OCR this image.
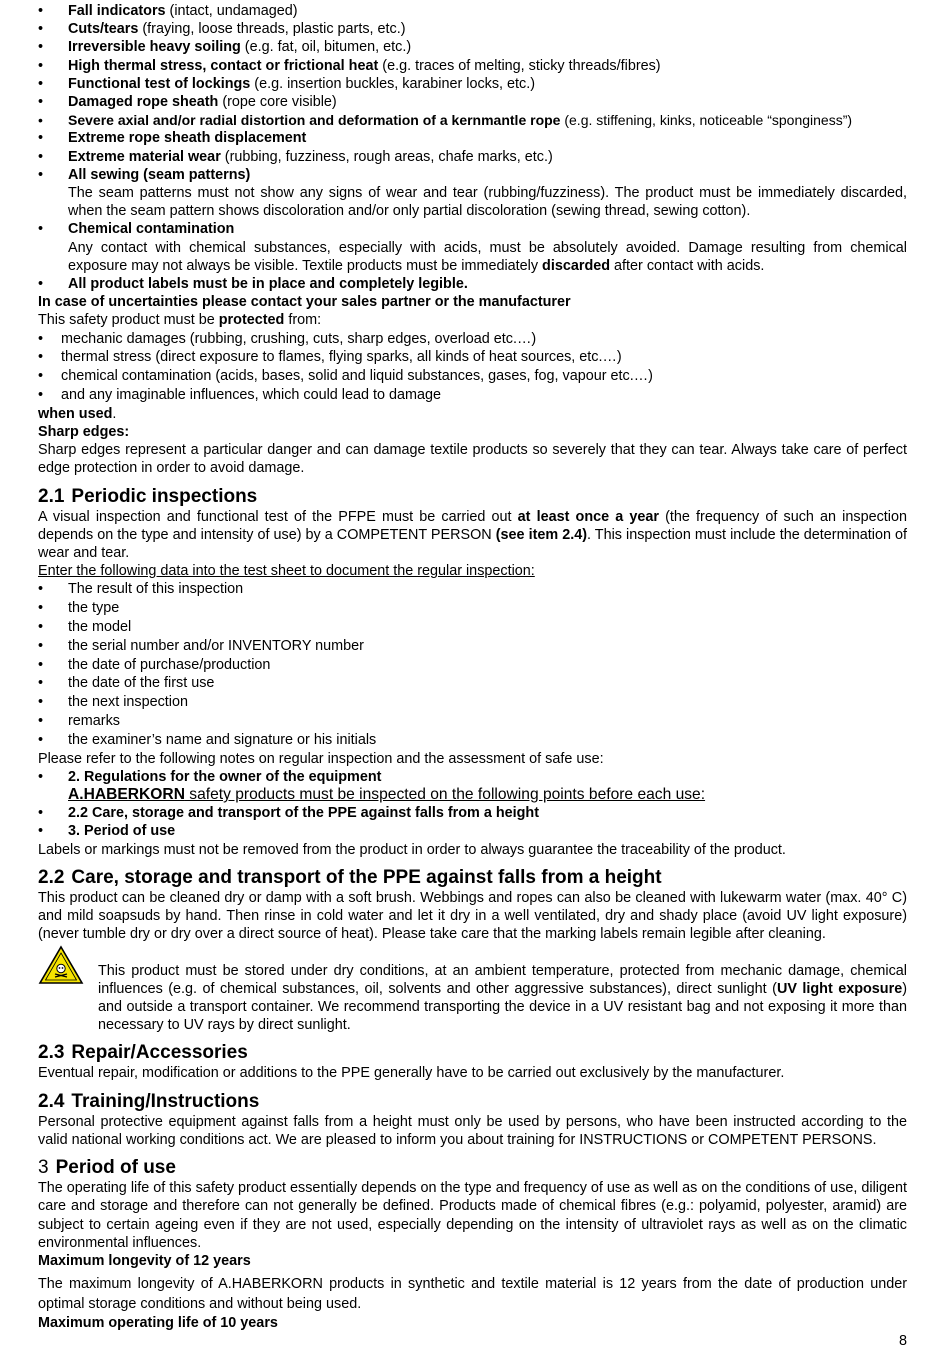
•	Fall indicators (intact, undamaged)
•	Cuts/tears (fraying, loose threads, plastic parts, etc.)
•	Irreversible heavy soiling (e.g. fat, oil, bitumen, etc.)
•	High thermal stress, contact or frictional heat (e.g. traces of melting, sticky threads/fibres)
•	Functional test of lockings (e.g. insertion buckles, karabiner locks, etc.)
•	Damaged rope sheath (rope core visible)
•	Severe axial and/or radial distortion and deformation of a kernmantle rope (e.g. stiffening, kinks, noticeable “sponginess”)
•	Extreme rope sheath displacement
•	Extreme material wear (rubbing, fuzziness, rough areas, chafe marks, etc.)
•	All sewing (seam patterns)

The seam patterns must not show any signs of wear and tear (rubbing/fuzziness). The product must be immediately discarded, when the seam pattern shows discoloration and/or only partial discoloration (sewing thread, sewing cotton).

•	Chemical contamination

Any contact with chemical substances, especially with acids, must be absolutely avoided. Damage resulting from chemical exposure may not always be visible. Textile products must be immediately discarded after contact with acids.

•	All product labels must be in place and completely legible.

In case of uncertainties please contact your sales partner or the manufacturer

This safety product must be protected from:

•	mechanic damages (rubbing, crushing, cuts, sharp edges, overload etc.…)
•	thermal stress (direct exposure to flames, flying sparks, all kinds of heat sources, etc.…)
•	chemical contamination (acids, bases, solid and liquid substances, gases, fog, vapour etc.…)
•	and any imaginable influences, which could lead to damage

when used.

Sharp edges:

Sharp edges represent a particular danger and can damage textile products so severely that they can tear. Always take care of perfect edge protection in order to avoid damage.

2.1 Periodic inspections

A visual inspection and functional test of the PFPE must be carried out at least once a year (the frequency of such an inspection depends on the type and intensity of use) by a COMPETENT PERSON (see item 2.4). This inspection must include the determination of wear and tear.

Enter the following data into the test sheet to document the regular inspection:

•	The result of this inspection
•	the type
•	the model
•	the serial number and/or INVENTORY number
•	the date of purchase/production
•	the date of the first use
•	the next inspection
•	remarks
•	the examiner’s name and signature or his initials

Please refer to the following notes on regular inspection and the assessment of safe use:

•	2. Regulations for the owner of the equipment
A.HABERKORN safety products must be inspected on the following points before each use:
•	2.2 Care, storage and transport of the PPE against falls from a height
•	3. Period of use

Labels or markings must not be removed from the product in order to always guarantee the traceability of the product.

2.2 Care, storage and transport of the PPE against falls from a height

This product can be cleaned dry or damp with a soft brush. Webbings and ropes can also be cleaned with lukewarm water (max. 40° C) and mild soapsuds by hand. Then rinse in cold water and let it dry in a well ventilated, dry and shady place (avoid UV light exposure) (never tumble dry or dry over a direct source of heat). Please take care that the marking labels remain legible after cleaning.

This product must be stored under dry conditions, at an ambient temperature, protected from mechanic damage, chemical influences (e.g. of chemical substances, oil, solvents and other aggressive substances), direct sunlight (UV light exposure) and outside a transport container. We recommend transporting the device in a UV resistant bag and not exposing it more than necessary to UV rays by direct sunlight.

2.3 Repair/Accessories

Eventual repair, modification or additions to the PPE generally have to be carried out exclusively by the manufacturer.

2.4 Training/Instructions

Personal protective equipment against falls from a height must only be used by persons, who have been instructed according to the valid national working conditions act. We are pleased to inform you about training for INSTRUCTIONS or COMPETENT PERSONS.

3 Period of use

The operating life of this safety product essentially depends on the type and frequency of use as well as on the conditions of use, diligent care and storage and therefore can not generally be defined. Products made of chemical fibres (e.g.: polyamid, polyester, aramid) are subject to certain ageing even if they are not used, especially depending on the intensity of ultraviolet rays as well as on the climatic environmental influences.

Maximum longevity of 12 years

The maximum longevity of A.HABERKORN products in synthetic and textile material is 12 years from the date of production under optimal storage conditions and without being used.

Maximum operating life of 10 years

8
